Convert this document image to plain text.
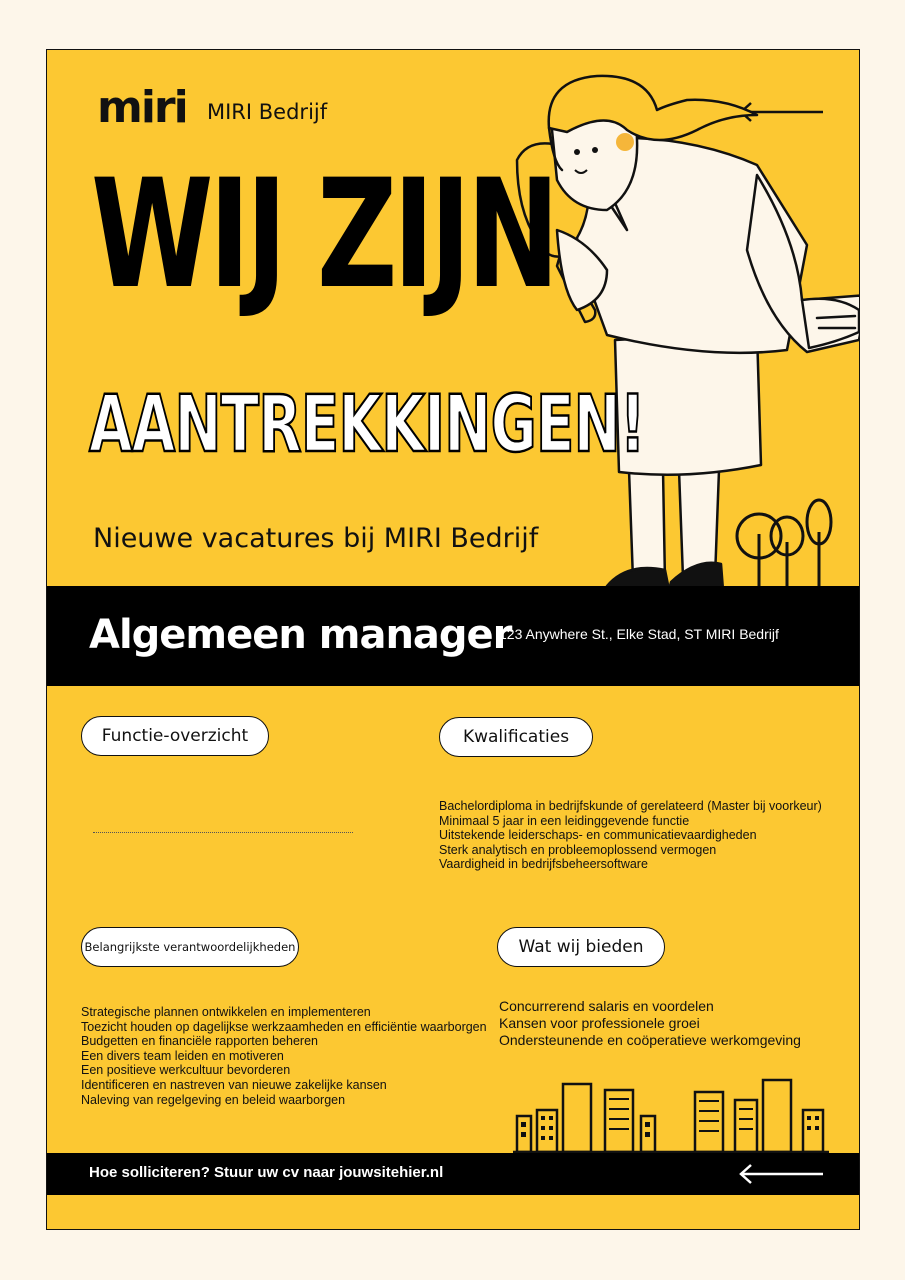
miri MIRI Bedrijf
WIJ ZIJN
AANTREKKINGEN!
Nieuwe vacatures bij MIRI Bedrijf
Algemeen manager
123 Anywhere St., Elke Stad, ST MIRI Bedrijf
Functie-overzicht	Kwalificaties
Belangrijkste verantwoordelijkheden	Wat wij bieden
Bachelordiploma in bedrijfskunde of gerelateerd (Master bij voorkeur)
Minimaal 5 jaar in een leidinggevende functie
Uitstekende leiderschaps- en communicatievaardigheden
Sterk analytisch en probleemoplossend vermogen
Vaardigheid in bedrijfsbeheersoftware
Strategische plannen ontwikkelen en implementeren
Toezicht houden op dagelijkse werkzaamheden en efficiëntie waarborgen
Budgetten en financiële rapporten beheren
Een divers team leiden en motiveren
Een positieve werkcultuur bevorderen
Identificeren en nastreven van nieuwe zakelijke kansen
Naleving van regelgeving en beleid waarborgen
Concurrerend salaris en voordelen
Kansen voor professionele groei
Ondersteunende en coöperatieve werkomgeving
Hoe solliciteren? Stuur uw cv naar jouwsitehier.nl
